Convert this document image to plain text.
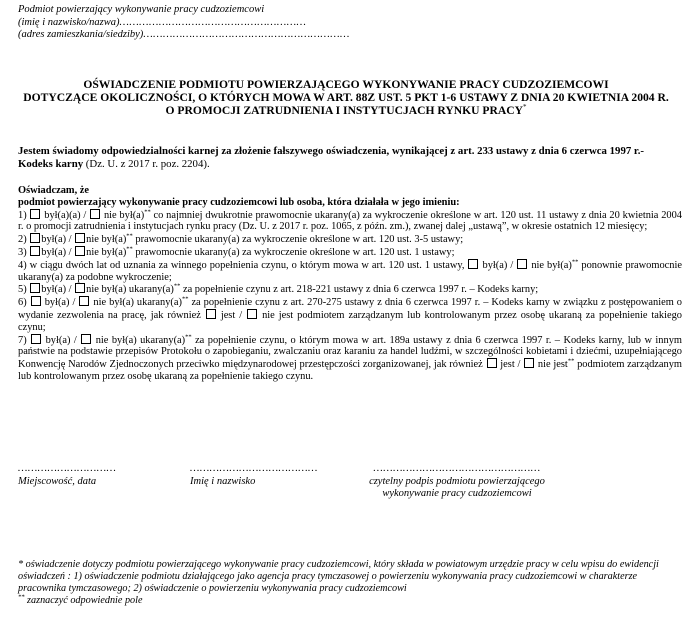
Podmiot powierzający wykonywanie pracy cudzoziemcowi
(imię i nazwisko/nazwa)…………………………………………………
(adres zamieszkania/siedziby)………………………………………………………
OŚWIADCZENIE PODMIOTU POWIERZAJĄCEGO WYKONYWANIE PRACY CUDZOZIEMCOWI
DOTYCZĄCE OKOLICZNOŚCI, O KTÓRYCH MOWA W ART. 88Z UST. 5 PKT 1-6 USTAWY Z DNIA 20 KWIETNIA 2004 R.
O PROMOCJI ZATRUDNIENIA I INSTYTUCJACH RYNKU PRACY*
Jestem świadomy odpowiedzialności karnej za złożenie fałszywego oświadczenia, wynikającej z art. 233 ustawy z dnia 6 czerwca 1997 r.- Kodeks karny (Dz. U. z 2017 r. poz. 2204).

Oświadczam, że

podmiot powierzający wykonywanie pracy cudzoziemcowi lub osoba, która działała w jego imieniu:

1)  był(a)(a) /  nie był(a)** co najmniej dwukrotnie prawomocnie ukarany(a) za wykroczenie określone w art. 120 ust. 11 ustawy z dnia 20 kwietnia 2004 r. o promocji zatrudnienia i instytucjach rynku pracy (Dz. U. z 2017 r. poz. 1065, z późn. zm.), zwanej dalej „ustawą”, w okresie ostatnich 12 miesięcy;

2) był(a) / nie był(a)** prawomocnie ukarany(a) za wykroczenie określone w art. 120 ust. 3-5 ustawy;

3) był(a) / nie był(a)** prawomocnie ukarany(a) za wykroczenie określone w art. 120 ust. 1 ustawy;

4) w ciągu dwóch lat od uznania za winnego popełnienia czynu, o którym mowa w art. 120 ust. 1 ustawy,  był(a) /  nie był(a)** ponownie prawomocnie ukarany(a) za podobne wykroczenie;

5) był(a) / nie był(a) ukarany(a)** za popełnienie czynu z art. 218-221 ustawy z dnia 6 czerwca 1997 r. – Kodeks karny;

6)  był(a) /  nie był(a) ukarany(a)** za popełnienie czynu z art. 270-275 ustawy z dnia 6 czerwca 1997 r. – Kodeks karny w związku z postępowaniem o wydanie zezwolenia na pracę, jak również  jest /  nie jest podmiotem zarządzanym lub kontrolowanym przez osobę ukaraną za popełnienie takiego czynu;

7)  był(a) /  nie był(a) ukarany(a)** za popełnienie czynu, o którym mowa w art. 189a ustawy z dnia 6 czerwca 1997 r. – Kodeks karny, lub w innym państwie na podstawie przepisów Protokołu o zapobieganiu, zwalczaniu oraz karaniu za handel ludźmi, w szczególności kobietami i dziećmi, uzupełniającego Konwencję Narodów Zjednoczonych przeciwko międzynarodowej przestępczości zorganizowanej, jak również  jest /  nie jest** podmiotem zarządzanym lub kontrolowanym przez osobę ukaraną za popełnienie takiego czynu.

…………………………
Miejscowość, data
…………………………………
Imię i nazwisko
……………………………………………
czytelny podpis podmiotu powierzającego
wykonywanie pracy cudzoziemcowi

* oświadczenie dotyczy podmiotu powierzającego wykonywanie pracy cudzoziemcowi, który składa w powiatowym urzędzie pracy w celu wpisu do ewidencji oświadczeń : 1) oświadczenie podmiotu działającego jako agencja pracy tymczasowej o powierzeniu wykonywania pracy cudzoziemcowi w charakterze pracownika tymczasowego; 2) oświadczenie o powierzeniu wykonywania pracy cudzoziemcowi

** zaznaczyć odpowiednie pole
